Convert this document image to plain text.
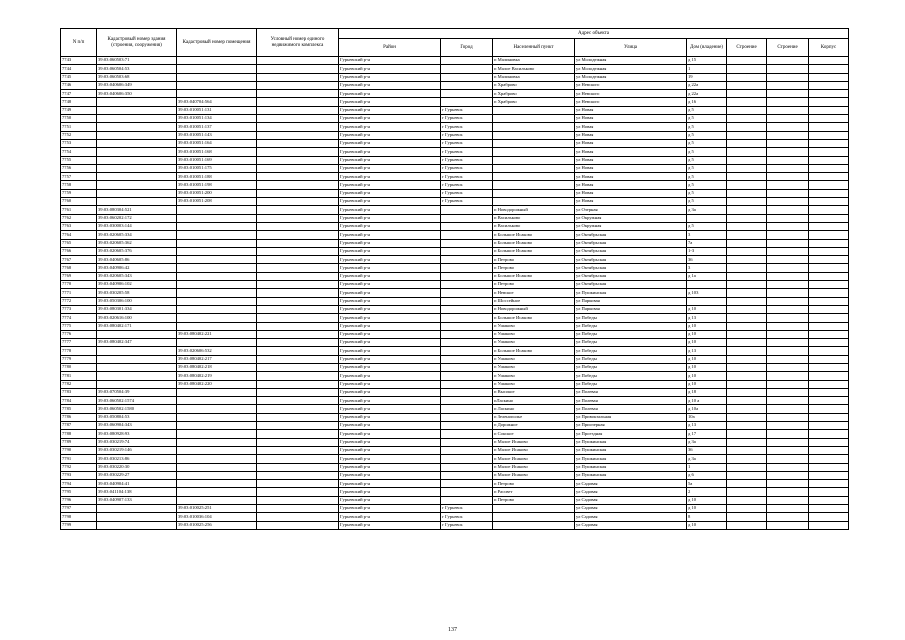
N п/п	Кадастровый номер здания (строения, сооружения)	Кадастровый номер помещения	Условный номер единого недвижимого комплекса	Адрес объекта							
				Район	Город	Населенный пункт	Улица	Дом (владение)	Строение	Строение	Корпус
7743	39:03:060503:71			Гурьевский р-н		п Малиновка	ул Молодежная	д 15			
7744	39:03:060504:53			Гурьевский р-н		п Малое Васильково	ул Молодежная	1			
7745	39:03:060503:68			Гурьевский р-н		п Малиновка	ул Молодежная	19			
7746	39:03:040606:349			Гурьевский р-н		п Храброво	ул Невского	д 22a			
7747	39:03:040606:350			Гурьевский р-н		п Храброво	ул Невского	д 22a			
7748		39:03:040704:564		Гурьевский р-н		п Храброво	ул Невского	д 16			
7749		39:03:010051:131		Гурьевский р-н	г Гурьевск		ул Новая	д 5			
7750		39:03:010051:134		Гурьевский р-н	г Гурьевск		ул Новая	д 5			
7751		39:03:010051:137		Гурьевский р-н	г Гурьевск		ул Новая	д 5			
7752		39:03:010051:143		Гурьевский р-н	г Гурьевск		ул Новая	д 5			
7753		39:03:010051:164		Гурьевский р-н	г Гурьевск		ул Новая	д 5			
7754		39:03:010051:168		Гурьевский р-н	г Гурьевск		ул Новая	д 5			
7755		39:03:010051:169		Гурьевский р-н	г Гурьевск		ул Новая	д 5			
7756		39:03:010051:175		Гурьевский р-н	г Гурьевск		ул Новая	д 5			
7757		39:03:010051:188		Гурьевский р-н	г Гурьевск		ул Новая	д 5			
7758		39:03:010051:198		Гурьевский р-н	г Гурьевск		ул Новая	д 5			
7759		39:03:010051:200		Гурьевский р-н	г Гурьевск		ул Новая	д 5			
7760		39:03:010051:208		Гурьевский р-н	г Гурьевск		ул Новая	д 5			
7761	39:03:080304:521			Гурьевский р-н		п Новодорожный	ул Озерная	д 3a			
7762	39:03:060202:172			Гурьевский р-н		п Васильково	ул Окружная				
7763	39:03:030003:144			Гурьевский р-н		п Васильково	ул Окружная	д 5			
7764	39:03:020605:334			Гурьевский р-н		п Большое Исаково	ул Октябрьская	3			
7765	39:03:020605:362			Гурьевский р-н		п Большое Исаково	ул Октябрьская	7a			
7766	39:03:020605:376			Гурьевский р-н		п Большое Исаково	ул Октябрьская	1-3			
7767	39:03:040605:86			Гурьевский р-н		п Петрово	ул Октябрьская	36			
7768	39:03:040906:42			Гурьевский р-н		п Петрово	ул Октябрьская	3			
7769	39:03:020605:343			Гурьевский р-н		п Большое Исаково	ул Октябрьская	д 1a			
7770	39:03:040906:102			Гурьевский р-н		п Петрово	ул Октябрьская				
7771	39:03:030205:58			Гурьевский р-н		п Невское	ул Пушкинская	д 103			
7772	39:03:050306:100			Гурьевский р-н		п Шоссейное	ул Парковая				
7773	39:03:080301:334			Гурьевский р-н		п Новодорожный	ул Парковая	д 10			
7774	39:03:020616:100			Гурьевский р-н		п Большое Исаково	ул Победы	д 13			
7775	39:03:080402:171			Гурьевский р-н		п Ушаково	ул Победы	д 10			
7776		39:03:080402:221		Гурьевский р-н		п Ушаково	ул Победы	д 10			
7777	39:03:080402:347			Гурьевский р-н		п Ушаково	ул Победы	д 10			
7778		39:03:020606:532		Гурьевский р-н		п Большое Исаково	ул Победы	д 13			
7779		39:03:080402:217		Гурьевский р-н		п Ушаково	ул Победы	д 10			
7780		39:03:080402:218		Гурьевский р-н		п Ушаково	ул Победы	д 10			
7781		39:03:080402:219		Гурьевский р-н		п Ушаково	ул Победы	д 10			
7782		39:03:080402:220		Гурьевский р-н		п Ушаково	ул Победы	д 10			
7783	39:03:070504:39			Гурьевский р-н		п Высокое	ул Полевая	д 18			
7784	39:03:060502:1574			Гурьевский р-н		пЛаскино	ул Полевая	д 10 a			
7785	39:03:060502:1580			Гурьевский р-н		п Ласкино	ул Полевая	д 10a			
7786	39:03:050804:53			Гурьевский р-н		п Зеленопольe	ул Привокзальная	10a			
7787	39:03:060904:343			Гурьевский р-н		п Дорожное	ул Приозерная	д 13			
7788	39:03:080928:93			Гурьевский р-н		п Сокское	ул Проездная	д 17			
7789	39:03:030219:74			Гурьевский р-н		п Малое Исаково	ул Пушкинская	д 3a			
7790	39:03:030219:146			Гурьевский р-н		п Малое Исаково	ул Пушкинская	36			
7791	39:03:030213:86			Гурьевский р-н		п Малое Исаково	ул Пушкинская	д 3a			
7792	39:03:030220:30			Гурьевский р-н		п Малое Исаково	ул Пушкинская	1			
7793	39:03:030229:27			Гурьевский р-н		п Малое Исаково	ул Пушкинская	д 6			
7794	39:03:040904:41			Гурьевский р-н		п Петрово	ул Садовая	5a			
7795	39:03:041104:138			Гурьевский р-н		п Рассвет	ул Садовая	2			
7796	39:03:040907:133			Гурьевский р-н		п Петрово	ул Садовая	д 10			
7797		39:03:010025:251		Гурьевский р-н	г Гурьевск		ул Садовая	д 10			
7798		39:03:010036:104		Гурьевский р-н	г Гурьевск		ул Садовая	8			
7799		39:03:010025:256		Гурьевский р-н	г Гурьевск		ул Садовая	д 10			
137
